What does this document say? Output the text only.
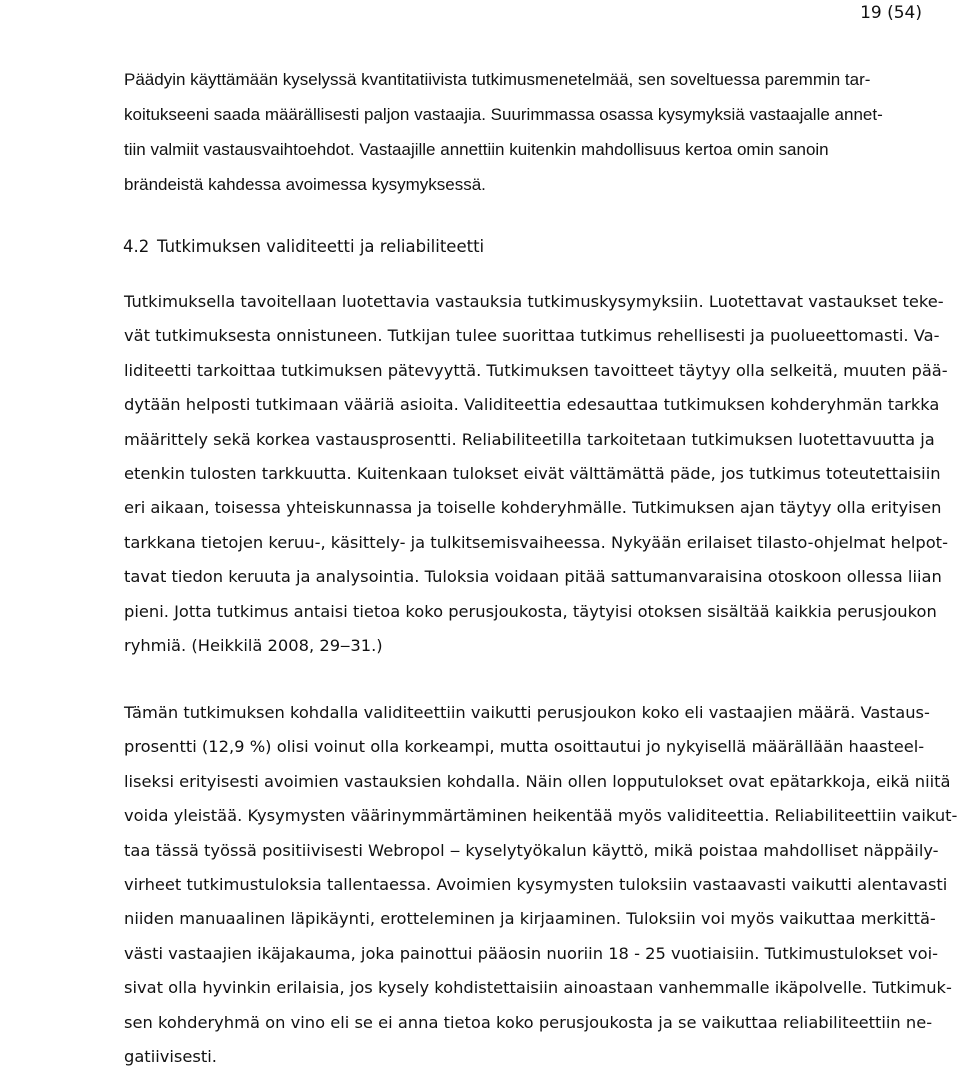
19 (54)
Päädyin käyttämään kyselyssä kvantitatiivista tutkimusmenetelmää, sen soveltuessa paremmin tar-
koitukseeni saada määrällisesti paljon vastaajia. Suurimmassa osassa kysymyksiä vastaajalle annet-
tiin valmiit vastausvaihtoehdot. Vastaajille annettiin kuitenkin mahdollisuus kertoa omin sanoin
brändeistä kahdessa avoimessa kysymyksessä.
4.2 Tutkimuksen validiteetti ja reliabiliteetti
Tutkimuksella tavoitellaan luotettavia vastauksia tutkimuskysymyksiin. Luotettavat vastaukset teke-
vät tutkimuksesta onnistuneen. Tutkijan tulee suorittaa tutkimus rehellisesti ja puolueettomasti. Va-
liditeetti tarkoittaa tutkimuksen pätevyyttä. Tutkimuksen tavoitteet täytyy olla selkeitä, muuten pää-
dytään helposti tutkimaan vääriä asioita. Validiteettia edesauttaa tutkimuksen kohderyhmän tarkka
määrittely sekä korkea vastausprosentti. Reliabiliteetilla tarkoitetaan tutkimuksen luotettavuutta ja
etenkin tulosten tarkkuutta. Kuitenkaan tulokset eivät välttämättä päde, jos tutkimus toteutettaisiin
eri aikaan, toisessa yhteiskunnassa ja toiselle kohderyhmälle. Tutkimuksen ajan täytyy olla erityisen
tarkkana tietojen keruu-, käsittely- ja tulkitsemisvaiheessa. Nykyään erilaiset tilasto-ohjelmat helpot-
tavat tiedon keruuta ja analysointia. Tuloksia voidaan pitää sattumanvaraisina otoskoon ollessa liian
pieni. Jotta tutkimus antaisi tietoa koko perusjoukosta, täytyisi otoksen sisältää kaikkia perusjoukon
ryhmiä. (Heikkilä 2008, 29‒31.)
Tämän tutkimuksen kohdalla validiteettiin vaikutti perusjoukon koko eli vastaajien määrä. Vastaus-
prosentti (12,9 %) olisi voinut olla korkeampi, mutta osoittautui jo nykyisellä määrällään haasteel-
liseksi erityisesti avoimien vastauksien kohdalla. Näin ollen lopputulokset ovat epätarkkoja, eikä niitä
voida yleistää. Kysymysten väärinymmärtäminen heikentää myös validiteettia. Reliabiliteettiin vaikut-
taa tässä työssä positiivisesti Webropol ‒ kyselytyökalun käyttö, mikä poistaa mahdolliset näppäily-
virheet tutkimustuloksia tallentaessa. Avoimien kysymysten tuloksiin vastaavasti vaikutti alentavasti
niiden manuaalinen läpikäynti, erotteleminen ja kirjaaminen. Tuloksiin voi myös vaikuttaa merkittä-
västi vastaajien ikäjakauma, joka painottui pääosin nuoriin 18 - 25 vuotiaisiin. Tutkimustulokset voi-
sivat olla hyvinkin erilaisia, jos kysely kohdistettaisiin ainoastaan vanhemmalle ikäpolvelle. Tutkimuk-
sen kohderyhmä on vino eli se ei anna tietoa koko perusjoukosta ja se vaikuttaa reliabiliteettiin ne-
gatiivisesti.
